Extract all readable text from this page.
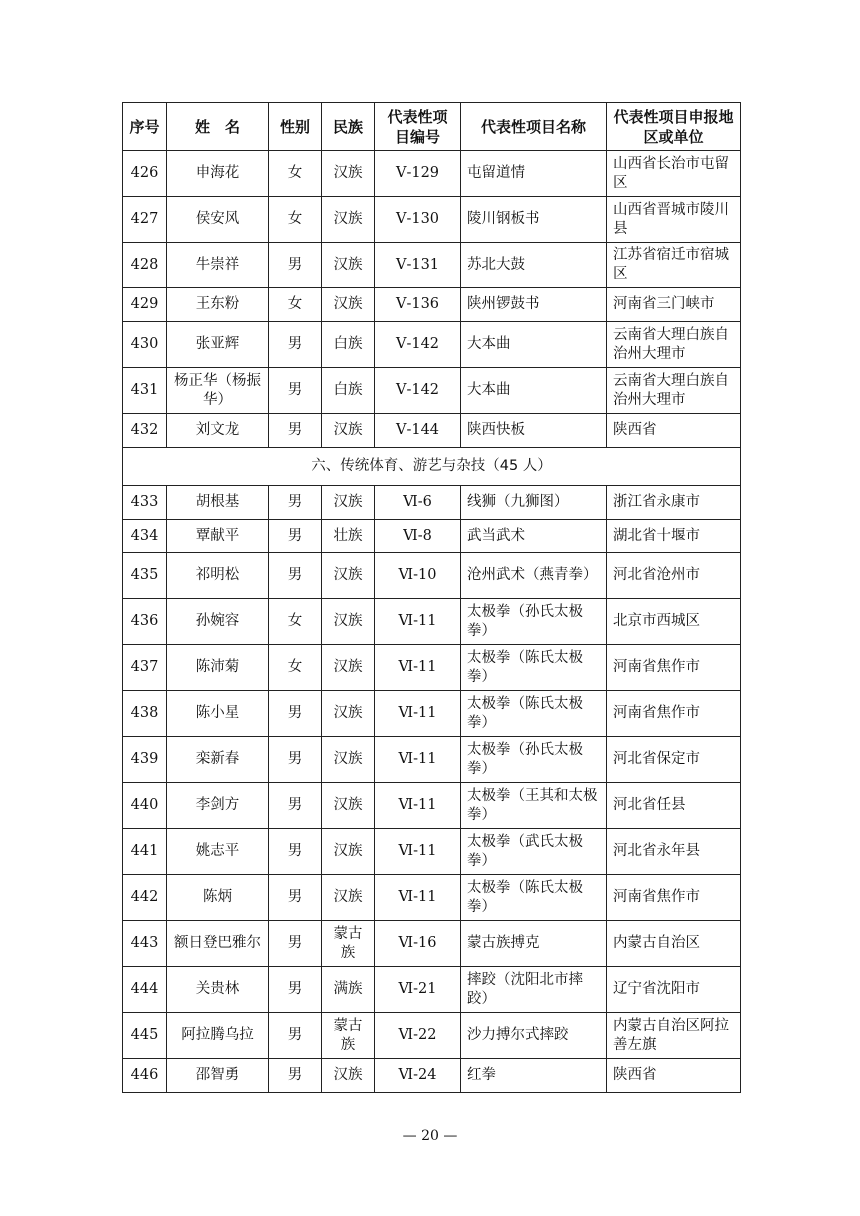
序号	姓　名	性别	民族	代表性项目编号	代表性项目名称	代表性项目申报地区或单位
426	申海花	女	汉族	Ⅴ-129	屯留道情	山西省长治市屯留区
427	侯安风	女	汉族	Ⅴ-130	陵川钢板书	山西省晋城市陵川县
428	牛崇祥	男	汉族	Ⅴ-131	苏北大鼓	江苏省宿迁市宿城区
429	王东粉	女	汉族	Ⅴ-136	陕州锣鼓书	河南省三门峡市
430	张亚辉	男	白族	Ⅴ-142	大本曲	云南省大理白族自治州大理市
431	杨正华（杨振华）	男	白族	Ⅴ-142	大本曲	云南省大理白族自治州大理市
432	刘文龙	男	汉族	Ⅴ-144	陕西快板	陕西省
六、传统体育、游艺与杂技（45 人）						
433	胡根基	男	汉族	Ⅵ-6	线狮（九狮图）	浙江省永康市
434	覃献平	男	壮族	Ⅵ-8	武当武术	湖北省十堰市
435	祁明松	男	汉族	Ⅵ-10	沧州武术（燕青拳）	河北省沧州市
436	孙婉容	女	汉族	Ⅵ-11	太极拳（孙氏太极拳）	北京市西城区
437	陈沛菊	女	汉族	Ⅵ-11	太极拳（陈氏太极拳）	河南省焦作市
438	陈小星	男	汉族	Ⅵ-11	太极拳（陈氏太极拳）	河南省焦作市
439	栾新春	男	汉族	Ⅵ-11	太极拳（孙氏太极拳）	河北省保定市
440	李剑方	男	汉族	Ⅵ-11	太极拳（王其和太极拳）	河北省任县
441	姚志平	男	汉族	Ⅵ-11	太极拳（武氏太极拳）	河北省永年县
442	陈炳	男	汉族	Ⅵ-11	太极拳（陈氏太极拳）	河南省焦作市
443	额日登巴雅尔	男	蒙古族	Ⅵ-16	蒙古族搏克	内蒙古自治区
444	关贵林	男	满族	Ⅵ-21	摔跤（沈阳北市摔跤）	辽宁省沈阳市
445	阿拉腾乌拉	男	蒙古族	Ⅵ-22	沙力搏尔式摔跤	内蒙古自治区阿拉善左旗
446	邵智勇	男	汉族	Ⅵ-24	红拳	陕西省
— 20 —
